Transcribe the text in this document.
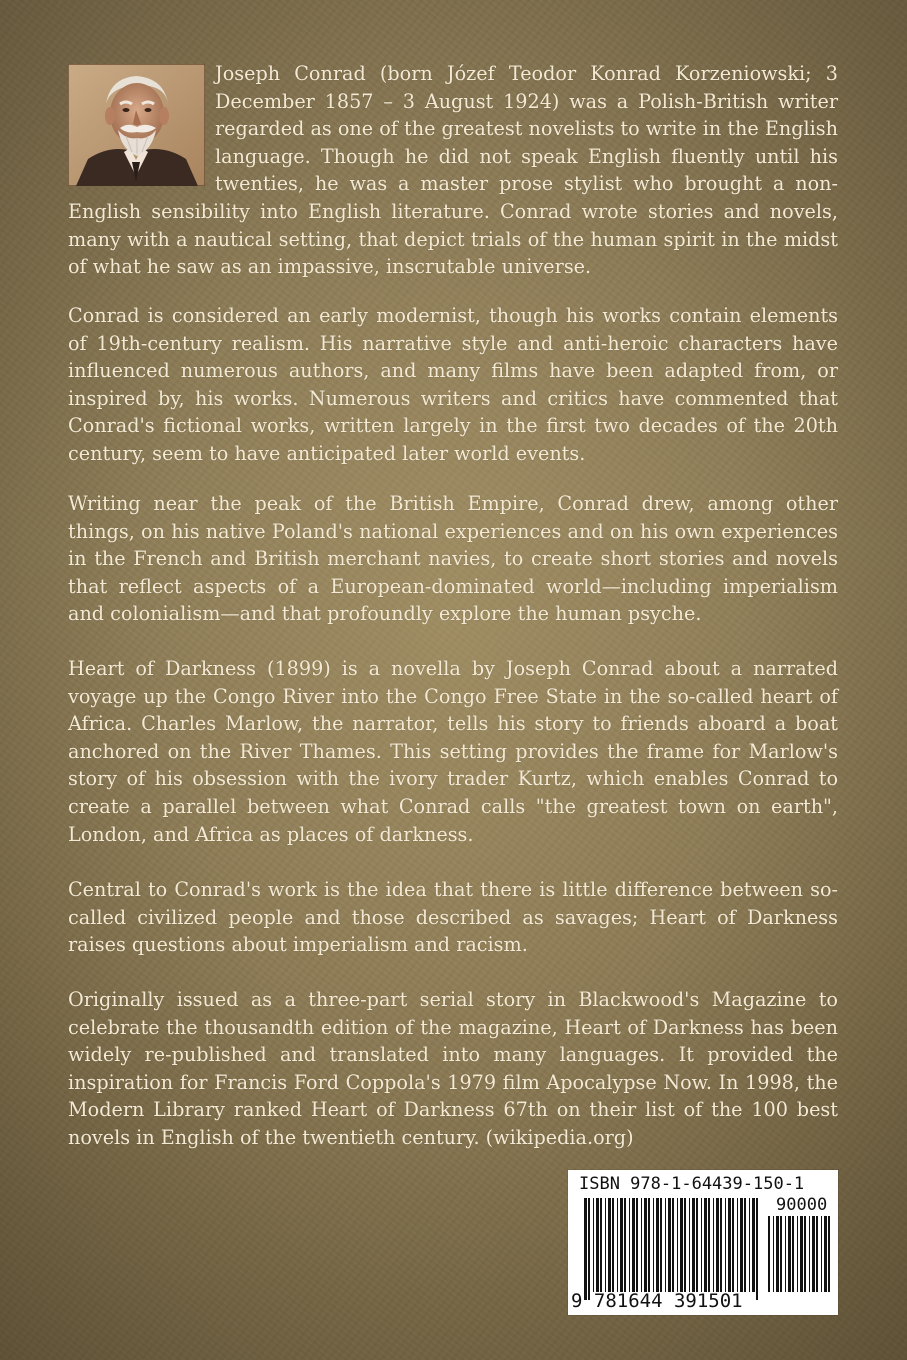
Joseph Conrad (born Józef Teodor Konrad Korzeniowski; 3 December 1857 – 3 August 1924) was a Polish-British writer regarded as one of the greatest novelists to write in the English language. Though he did not speak English fluently until his twenties, he was a master prose stylist who brought a non-English sensibility into English literature. Conrad wrote stories and novels, many with a nautical setting, that depict trials of the human spirit in the midst of what he saw as an impassive, inscrutable universe.

Conrad is considered an early modernist, though his works contain elements of 19th-century realism. His narrative style and anti-heroic characters have influenced numerous authors, and many films have been adapted from, or inspired by, his works. Numerous writers and critics have commented that Conrad's fictional works, written largely in the first two decades of the 20th century, seem to have anticipated later world events.

Writing near the peak of the British Empire, Conrad drew, among other things, on his native Poland's national experiences and on his own experiences in the French and British merchant navies, to create short stories and novels that reflect aspects of a European-dominated world—including imperialism and colonialism—and that profoundly explore the human psyche.

Heart of Darkness (1899) is a novella by Joseph Conrad about a narrated voyage up the Congo River into the Congo Free State in the so-called heart of Africa. Charles Marlow, the narrator, tells his story to friends aboard a boat anchored on the River Thames. This setting provides the frame for Marlow's story of his obsession with the ivory trader Kurtz, which enables Conrad to create a parallel between what Conrad calls "the greatest town on earth", London, and Africa as places of darkness.

Central to Conrad's work is the idea that there is little difference between so-called civilized people and those described as savages; Heart of Darkness raises questions about imperialism and racism.

Originally issued as a three-part serial story in Blackwood's Magazine to celebrate the thousandth edition of the magazine, Heart of Darkness has been widely re-published and translated into many languages. It provided the inspiration for Francis Ford Coppola's 1979 film Apocalypse Now. In 1998, the Modern Library ranked Heart of Darkness 67th on their list of the 100 best novels in English of the twentieth century. (wikipedia.org)

ISBN 978-1-64439-150-1
90000
9 781644 391501
